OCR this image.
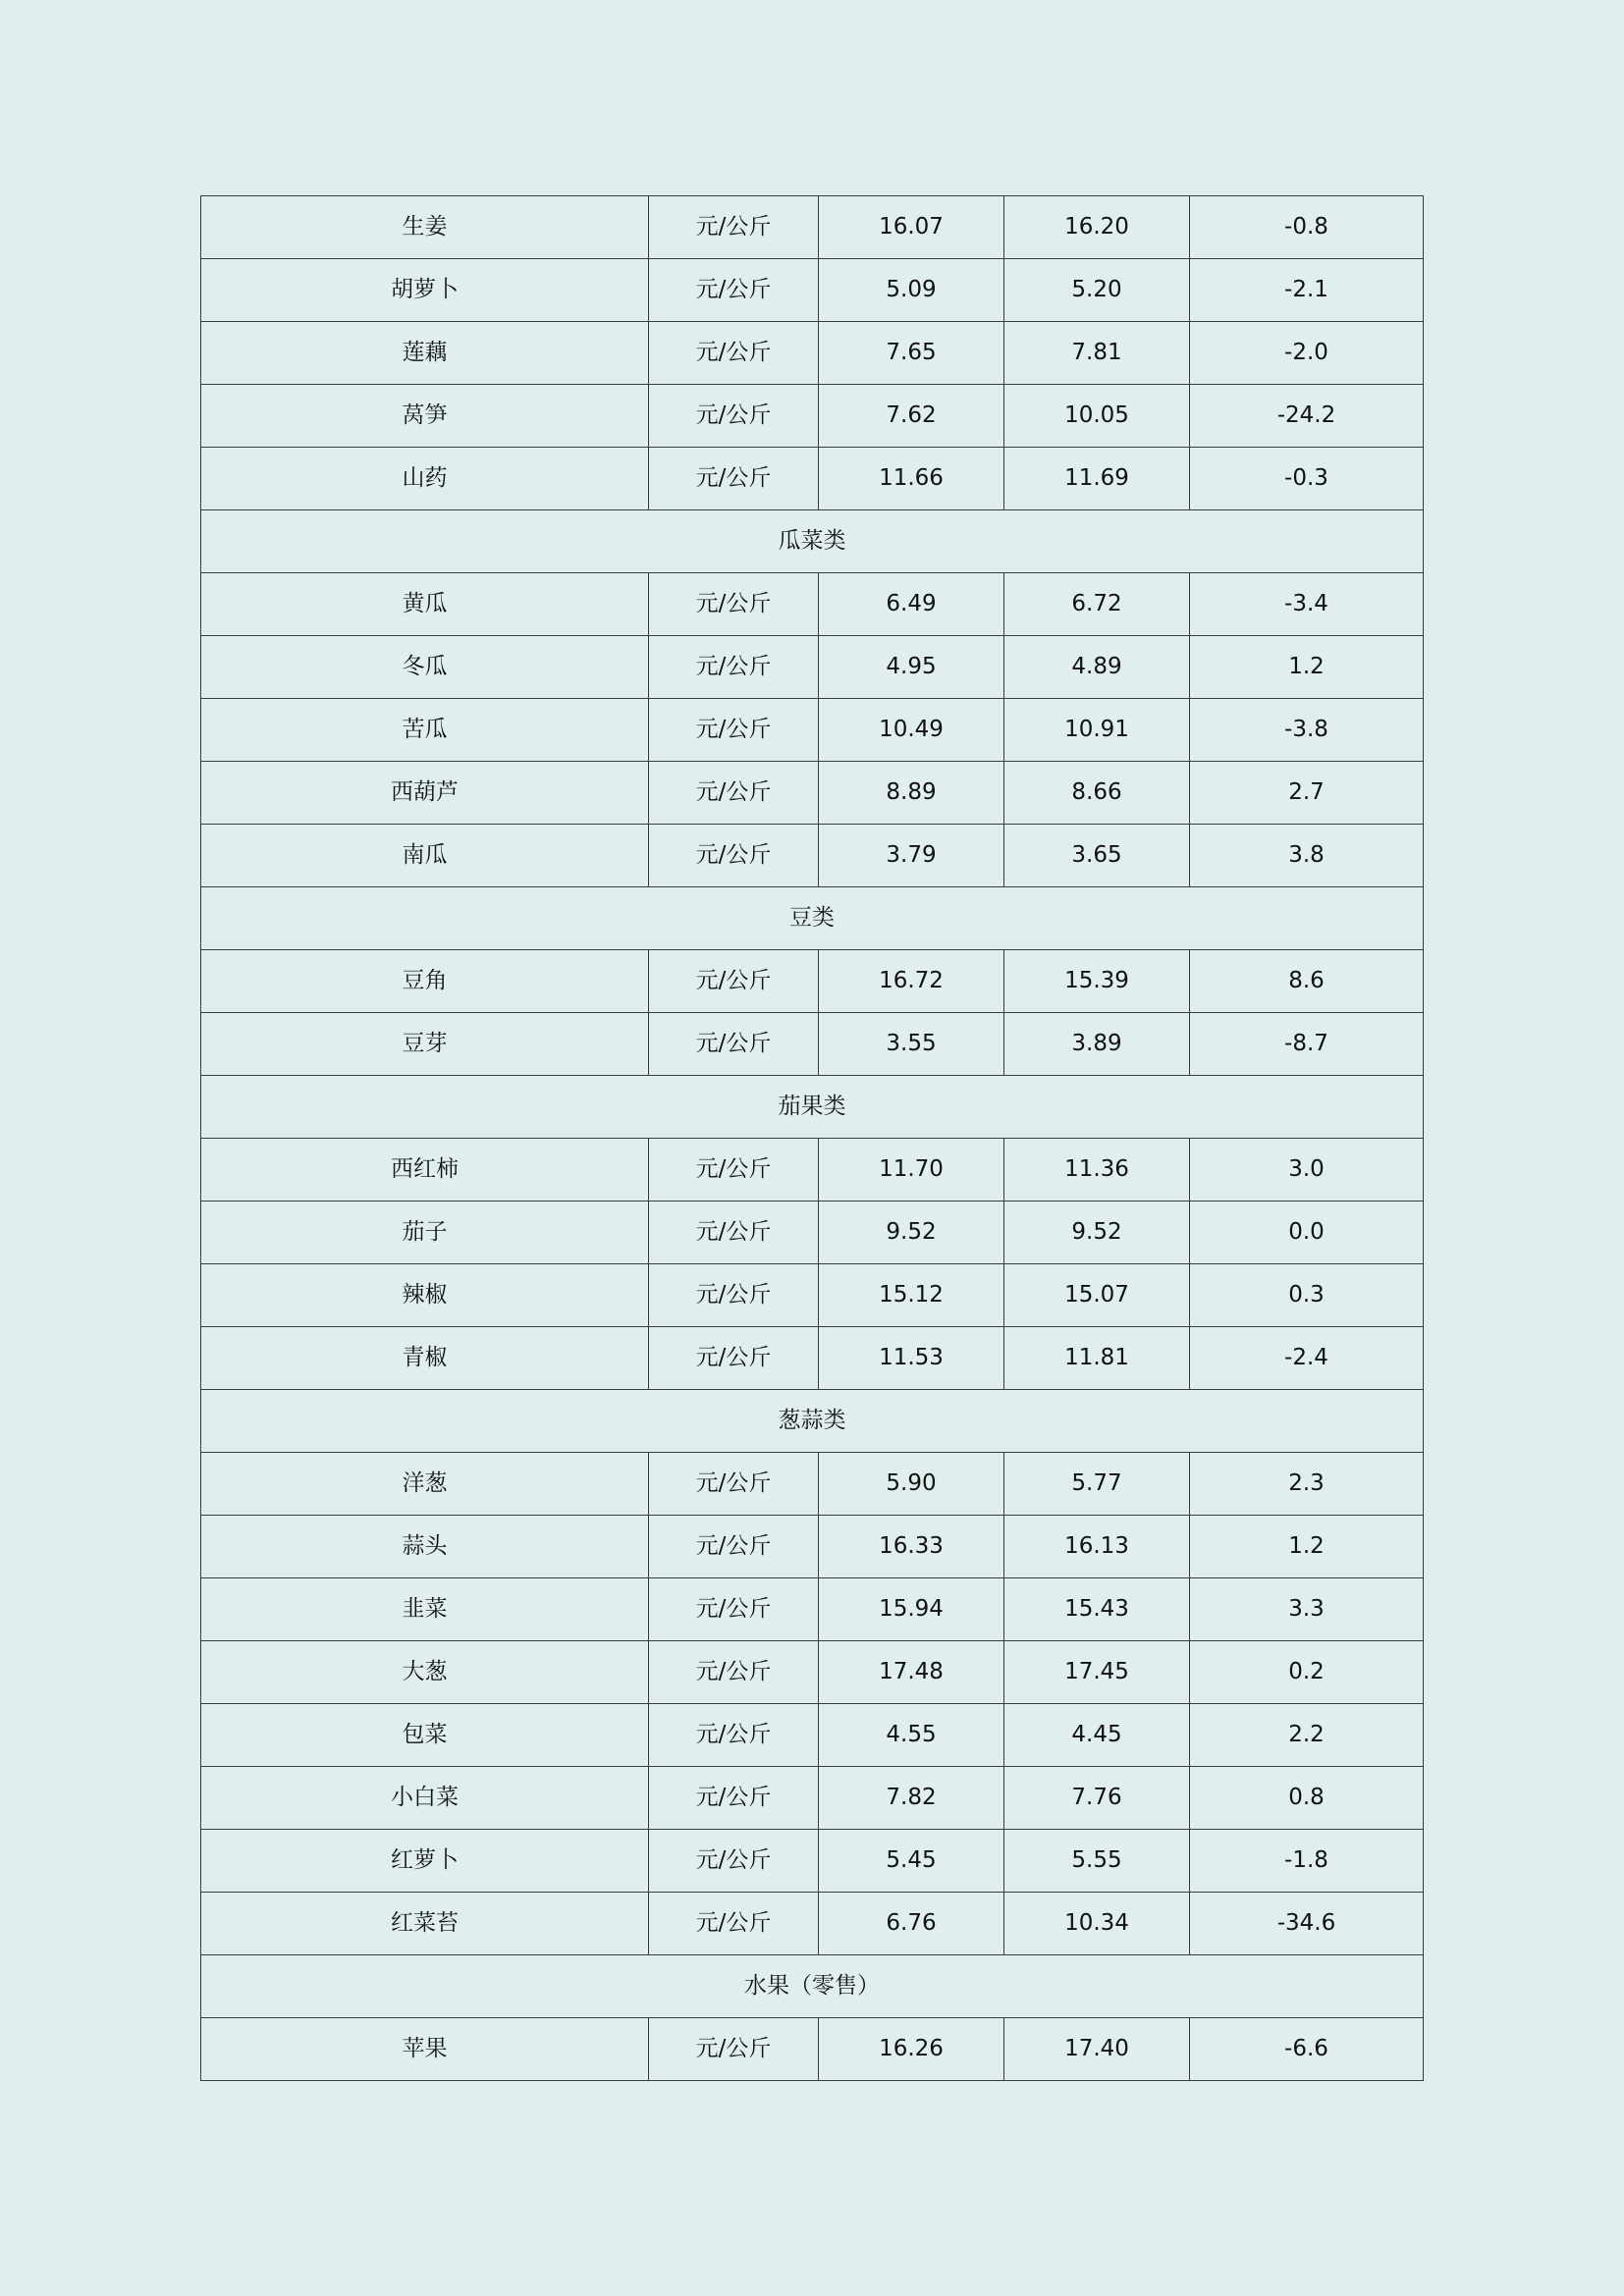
生姜	元/公斤	16.07	16.20	-0.8
胡萝卜	元/公斤	5.09	5.20	-2.1
莲藕	元/公斤	7.65	7.81	-2.0
莴笋	元/公斤	7.62	10.05	-24.2
山药	元/公斤	11.66	11.69	-0.3
瓜菜类				
黄瓜	元/公斤	6.49	6.72	-3.4
冬瓜	元/公斤	4.95	4.89	1.2
苦瓜	元/公斤	10.49	10.91	-3.8
西葫芦	元/公斤	8.89	8.66	2.7
南瓜	元/公斤	3.79	3.65	3.8
豆类				
豆角	元/公斤	16.72	15.39	8.6
豆芽	元/公斤	3.55	3.89	-8.7
茄果类				
西红柿	元/公斤	11.70	11.36	3.0
茄子	元/公斤	9.52	9.52	0.0
辣椒	元/公斤	15.12	15.07	0.3
青椒	元/公斤	11.53	11.81	-2.4
葱蒜类				
洋葱	元/公斤	5.90	5.77	2.3
蒜头	元/公斤	16.33	16.13	1.2
韭菜	元/公斤	15.94	15.43	3.3
大葱	元/公斤	17.48	17.45	0.2
包菜	元/公斤	4.55	4.45	2.2
小白菜	元/公斤	7.82	7.76	0.8
红萝卜	元/公斤	5.45	5.55	-1.8
红菜苔	元/公斤	6.76	10.34	-34.6
水果（零售）				
苹果	元/公斤	16.26	17.40	-6.6
